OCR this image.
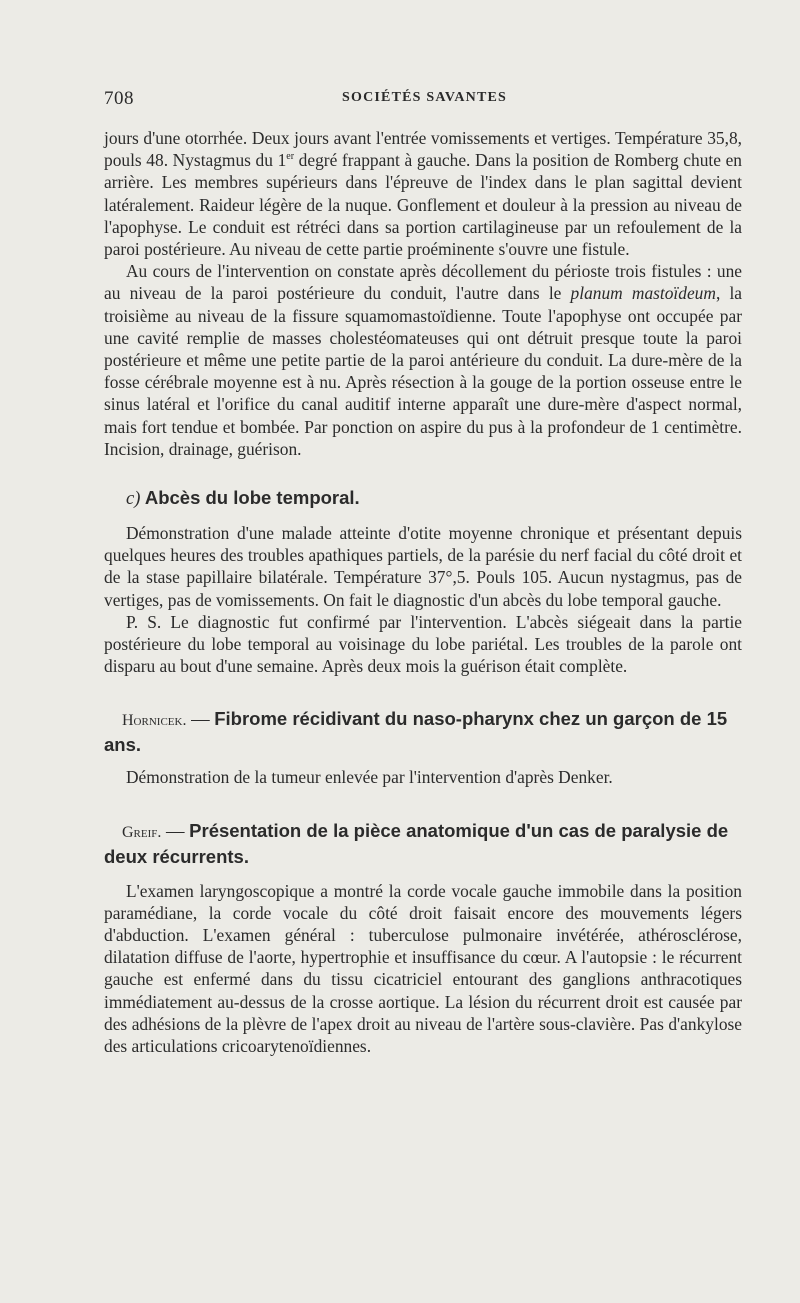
708	SOCIÉTÉS SAVANTES

jours d'une otorrhée. Deux jours avant l'entrée vomissements et vertiges. Température 35,8, pouls 48. Nystagmus du 1er degré frappant à gauche. Dans la position de Romberg chute en arrière. Les membres supérieurs dans l'épreuve de l'index dans le plan sagittal devient latéralement. Raideur légère de la nuque. Gonflement et douleur à la pression au niveau de l'apophyse. Le conduit est rétréci dans sa portion cartilagineuse par un refoulement de la paroi postérieure. Au niveau de cette partie proéminente s'ouvre une fistule.

Au cours de l'intervention on constate après décollement du périoste trois fistules : une au niveau de la paroi postérieure du conduit, l'autre dans le planum mastoïdeum, la troisième au niveau de la fissure squamomastoïdienne. Toute l'apophyse ont occupée par une cavité remplie de masses cholestéomateuses qui ont détruit presque toute la paroi postérieure et même une petite partie de la paroi antérieure du conduit. La dure-mère de la fosse cérébrale moyenne est à nu. Après résection à la gouge de la portion osseuse entre le sinus latéral et l'orifice du canal auditif interne apparaît une dure-mère d'aspect normal, mais fort tendue et bombée. Par ponction on aspire du pus à la profondeur de 1 centimètre. Incision, drainage, guérison.

c) Abcès du lobe temporal.

Démonstration d'une malade atteinte d'otite moyenne chronique et présentant depuis quelques heures des troubles apathiques partiels, de la parésie du nerf facial du côté droit et de la stase papillaire bilatérale. Température 37°,5. Pouls 105. Aucun nystagmus, pas de vertiges, pas de vomissements. On fait le diagnostic d'un abcès du lobe temporal gauche.

P. S. Le diagnostic fut confirmé par l'intervention. L'abcès siégeait dans la partie postérieure du lobe temporal au voisinage du lobe pariétal. Les troubles de la parole ont disparu au bout d'une semaine. Après deux mois la guérison était complète.

Hornicek. — Fibrome récidivant du naso-pharynx chez un garçon de 15 ans.

Démonstration de la tumeur enlevée par l'intervention d'après Denker.

Greif. — Présentation de la pièce anatomique d'un cas de paralysie de deux récurrents.

L'examen laryngoscopique a montré la corde vocale gauche immobile dans la position paramédiane, la corde vocale du côté droit faisait encore des mouvements légers d'abduction. L'examen général : tuberculose pulmonaire invétérée, athérosclérose, dilatation diffuse de l'aorte, hypertrophie et insuffisance du cœur. A l'autopsie : le récurrent gauche est enfermé dans du tissu cicatriciel entourant des ganglions anthracotiques immédiatement au-dessus de la crosse aortique. La lésion du récurrent droit est causée par des adhésions de la plèvre de l'apex droit au niveau de l'artère sous-clavière. Pas d'ankylose des articulations cricoarytenoïdiennes.
